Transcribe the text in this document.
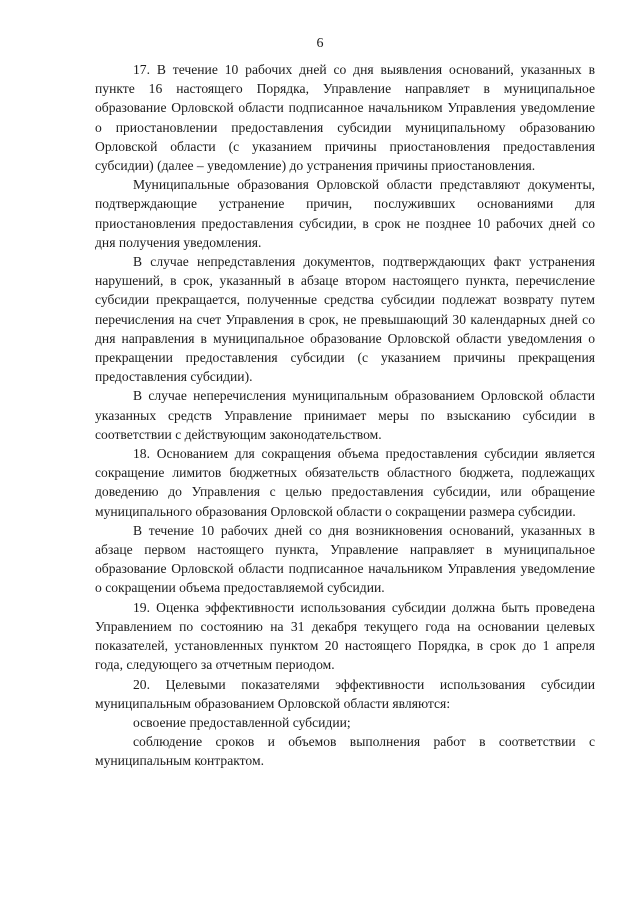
6

17. В течение 10 рабочих дней со дня выявления оснований, указанных в пункте 16 настоящего Порядка, Управление направляет в муниципальное образование Орловской области подписанное начальником Управления уведомление о приостановлении предоставления субсидии муниципальному образованию Орловской области (с указанием причины приостановления предоставления субсидии) (далее – уведомление) до устранения причины приостановления.

Муниципальные образования Орловской области представляют документы, подтверждающие устранение причин, послуживших основаниями для приостановления предоставления субсидии, в срок не позднее 10 рабочих дней со дня получения уведомления.

В случае непредставления документов, подтверждающих факт устранения нарушений, в срок, указанный в абзаце втором настоящего пункта, перечисление субсидии прекращается, полученные средства субсидии подлежат возврату путем перечисления на счет Управления в срок, не превышающий 30 календарных дней со дня направления в муниципальное образование Орловской области уведомления о прекращении предоставления субсидии (с указанием причины прекращения предоставления субсидии).

В случае неперечисления муниципальным образованием Орловской области указанных средств Управление принимает меры по взысканию субсидии в соответствии с действующим законодательством.

18. Основанием для сокращения объема предоставления субсидии является сокращение лимитов бюджетных обязательств областного бюджета, подлежащих доведению до Управления с целью предоставления субсидии, или обращение муниципального образования Орловской области о сокращении размера субсидии.

В течение 10 рабочих дней со дня возникновения оснований, указанных в абзаце первом настоящего пункта, Управление направляет в муниципальное образование Орловской области подписанное начальником Управления уведомление о сокращении объема предоставляемой субсидии.

19. Оценка эффективности использования субсидии должна быть проведена Управлением по состоянию на 31 декабря текущего года на основании целевых показателей, установленных пунктом 20 настоящего Порядка, в срок до 1 апреля года, следующего за отчетным периодом.

20. Целевыми показателями эффективности использования субсидии муниципальным образованием Орловской области являются:

освоение предоставленной субсидии;

соблюдение сроков и объемов выполнения работ в соответствии с муниципальным контрактом.
